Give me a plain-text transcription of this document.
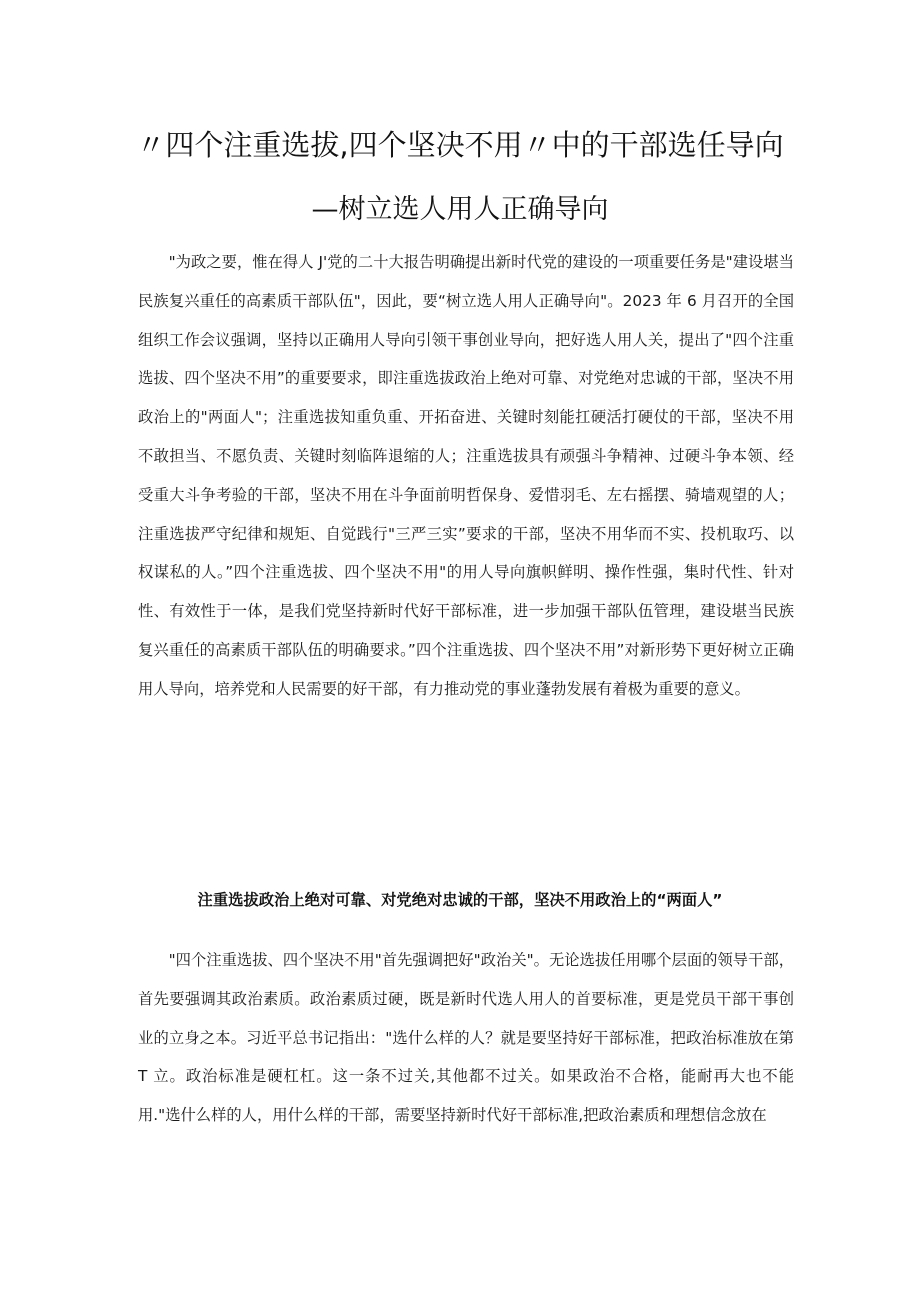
〃四个注重选拔,四个坚决不用〃中的干部选任导向
—树立选人用人正确导向

"为政之要，惟在得人 J'党的二十大报告明确提出新时代党的建设的一项重要任务是"建设堪当民族复兴重任的高素质干部队伍"，因此，要“树立选人用人正确导向"。2023 年 6 月召开的全国组织工作会议强调，坚持以正确用人导向引领干事创业导向，把好选人用人关，提出了"四个注重选拔、四个坚决不用”的重要要求，即注重选拔政治上绝对可靠、对党绝对忠诚的干部，坚决不用政治上的"两面人"；注重选拔知重负重、开拓奋进、关键时刻能扛硬活打硬仗的干部，坚决不用不敢担当、不愿负责、关键时刻临阵退缩的人；注重选拔具有顽强斗争精神、过硬斗争本领、经受重大斗争考验的干部，坚决不用在斗争面前明哲保身、爱惜羽毛、左右摇摆、骑墙观望的人；注重选拔严守纪律和规矩、自觉践行"三严三实”要求的干部，坚决不用华而不实、投机取巧、以权谋私的人。”四个注重选拔、四个坚决不用"的用人导向旗帜鲜明、操作性强，集时代性、针对性、有效性于一体，是我们党坚持新时代好干部标准，进一步加强干部队伍管理，建设堪当民族复兴重任的高素质干部队伍的明确要求。”四个注重选拔、四个坚决不用”对新形势下更好树立正确用人导向，培养党和人民需要的好干部，有力推动党的事业蓬勃发展有着极为重要的意义。

注重选拔政治上绝对可靠、对党绝对忠诚的干部，坚决不用政治上的“两面人”

"四个注重选拔、四个坚决不用"首先强调把好"政治关"。无论选拔任用哪个层面的领导干部，首先要强调其政治素质。政治素质过硬，既是新时代选人用人的首要标准，更是党员干部干事创业的立身之本。习近平总书记指出："选什么样的人？就是要坚持好干部标准，把政治标准放在第 T 立。政治标准是硬杠杠。这一条不过关,其他都不过关。如果政治不合格，能耐再大也不能用."选什么样的人，用什么样的干部，需要坚持新时代好干部标准,把政治素质和理想信念放在
